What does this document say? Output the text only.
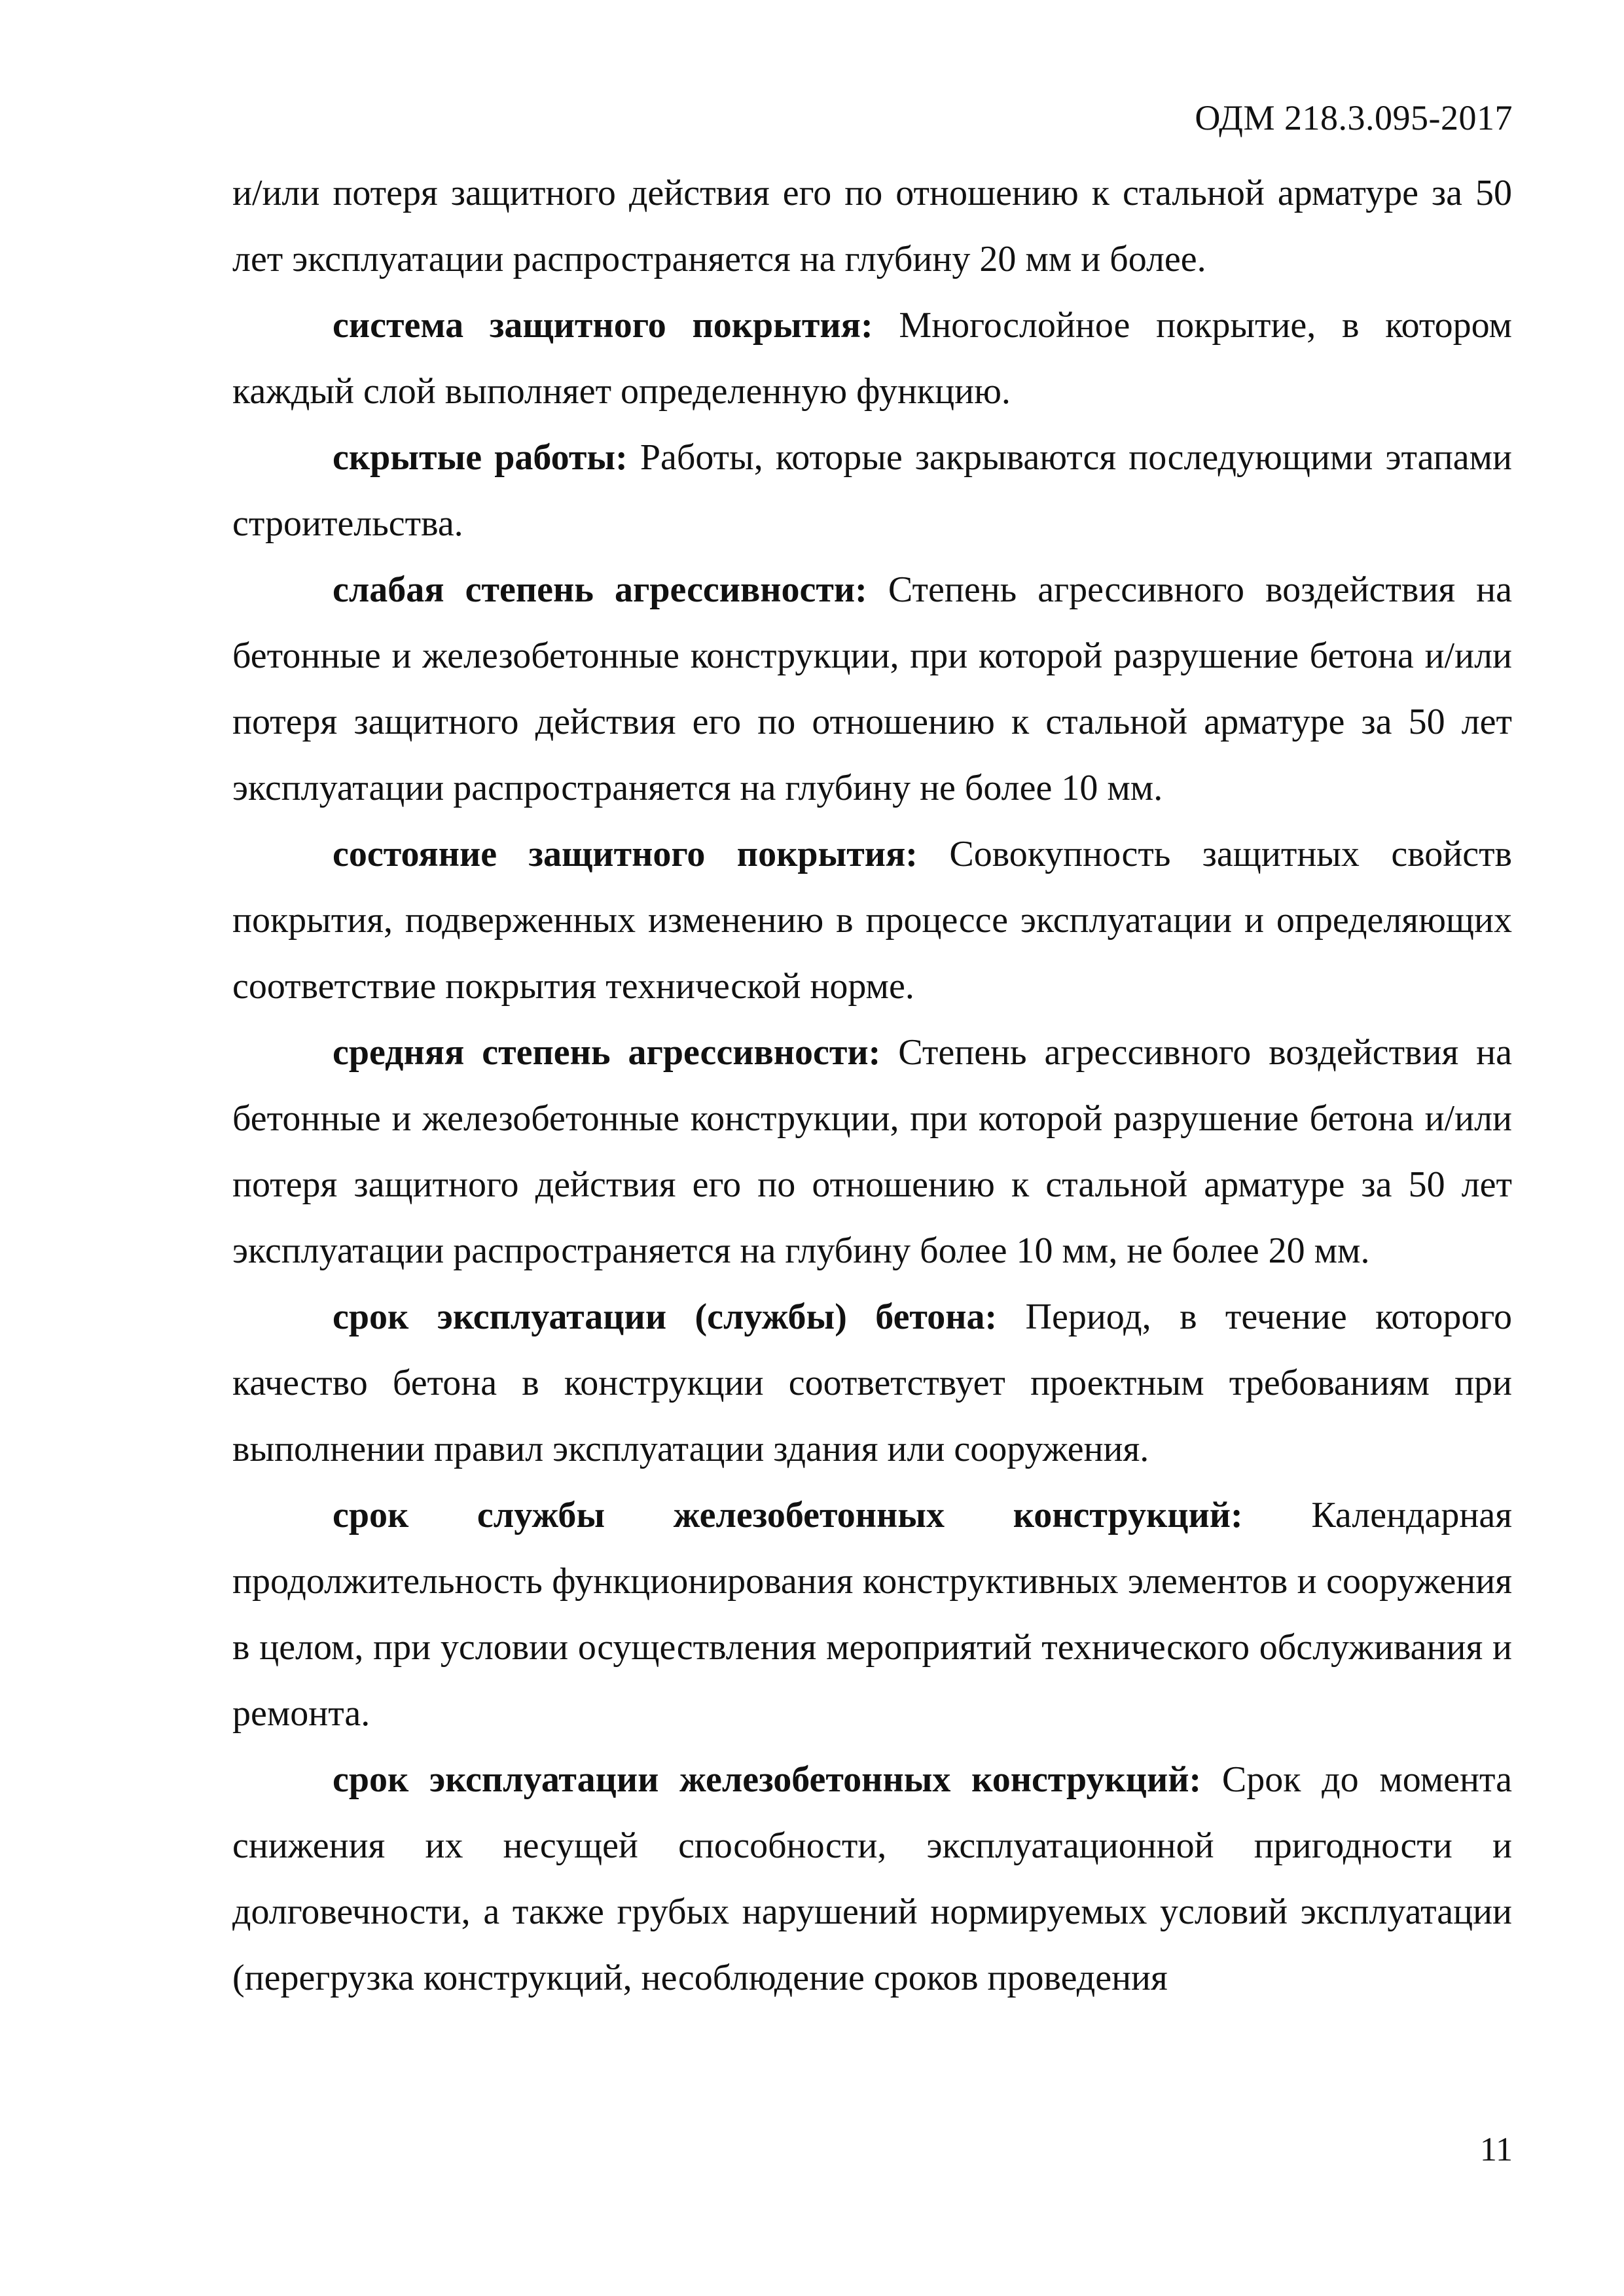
ОДМ 218.3.095-2017

и/или потеря защитного действия его по отношению к стальной арматуре за 50 лет эксплуатации распространяется на глубину 20 мм и более.

система защитного покрытия: Многослойное покрытие, в котором каждый слой выполняет определенную функцию.

скрытые работы: Работы, которые закрываются последующими этапами строительства.

слабая степень агрессивности: Степень агрессивного воздействия на бетонные и железобетонные конструкции, при которой разрушение бетона и/или потеря защитного действия его по отношению к стальной арматуре за 50 лет эксплуатации распространяется на глубину не более 10 мм.

состояние защитного покрытия: Совокупность защитных свойств покрытия, подверженных изменению в процессе эксплуатации и определяющих соответствие покрытия технической норме.

средняя степень агрессивности: Степень агрессивного воздействия на бетонные и железобетонные конструкции, при которой разрушение бетона и/или потеря защитного действия его по отношению к стальной арматуре за 50 лет эксплуатации распространяется на глубину более 10 мм, не более 20 мм.

срок эксплуатации (службы) бетона: Период, в течение которого качество бетона в конструкции соответствует проектным требованиям при выполнении правил эксплуатации здания или сооружения.

срок службы железобетонных конструкций: Календарная продолжительность функционирования конструктивных элементов и сооружения в целом, при условии осуществления мероприятий технического обслуживания и ремонта.

срок эксплуатации железобетонных конструкций: Срок до момента снижения их несущей способности, эксплуатационной пригодности и долговечности, а также грубых нарушений нормируемых условий эксплуатации (перегрузка конструкций, несоблюдение сроков проведения

11
